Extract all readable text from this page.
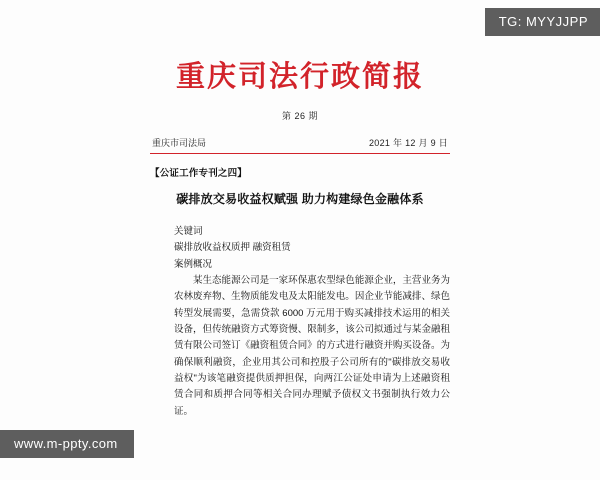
TG: MYYJJPP
重庆司法行政简报
第 26 期
重庆市司法局	2021 年 12 月 9 日
【公证工作专刊之四】
碳排放交易收益权赋强 助力构建绿色金融体系

关键词

碳排放收益权质押 融资租赁

案例概况

某生态能源公司是一家环保惠农型绿色能源企业，主营业务为农林废弃物、生物质能发电及太阳能发电。因企业节能减排、绿色转型发展需要，急需贷款 6000 万元用于购买减排技术运用的相关设备，但传统融资方式筹资慢、限制多，该公司拟通过与某金融租赁有限公司签订《融资租赁合同》的方式进行融资并购买设备。为确保顺利融资，企业用其公司和控股子公司所有的"碳排放交易收益权"为该笔融资提供质押担保，向两江公证处申请为上述融资租赁合同和质押合同等相关合同办理赋予债权文书强制执行效力公证。

www.m-ppty.com
